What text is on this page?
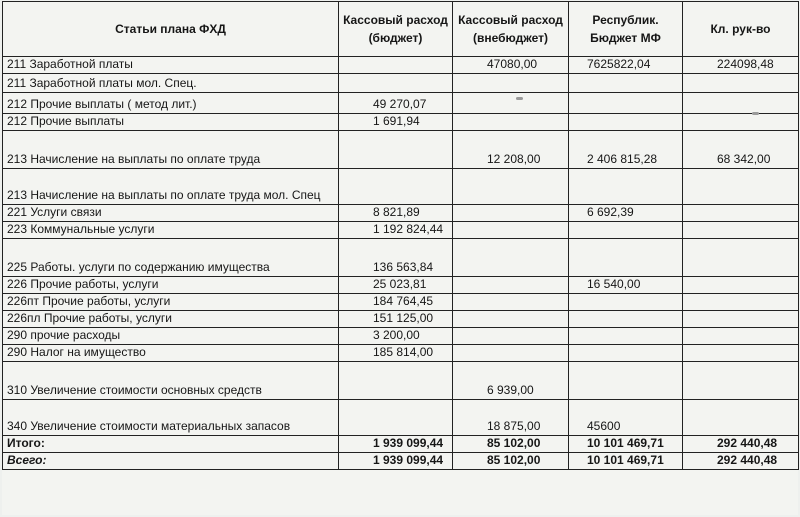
Статьи плана ФХД	Кассовый расход (бюджет)	Кассовый расход (внебюджет)	Республик. Бюджет МФ	Кл. рук-во
211 Заработной платы		47080,00	7625822,04	224098,48
211 Заработной платы мол. Спец.				
212 Прочие выплаты ( метод лит.)	49 270,07			
212 Прочие выплаты	1 691,94			
213 Начисление на выплаты по оплате труда		12 208,00	2 406 815,28	68 342,00
213 Начисление на выплаты по оплате труда мол. Спец				
221 Услуги связи	8 821,89		6 692,39	
223 Коммунальные услуги	1 192 824,44			
225 Работы. услуги по содержанию имущества	136 563,84			
226 Прочие работы, услуги	25 023,81		16 540,00	
226пт Прочие работы, услуги	184 764,45			
226пл Прочие работы, услуги	151 125,00			
290 прочие расходы	3 200,00			
290 Налог на имущество	185 814,00			
310 Увеличение стоимости основных средств		6 939,00		
340 Увеличение стоимости материальных запасов		18 875,00	45600	
Итого:	1 939 099,44	85 102,00	10 101 469,71	292 440,48
Всего:	1 939 099,44	85 102,00	10 101 469,71	292 440,48
